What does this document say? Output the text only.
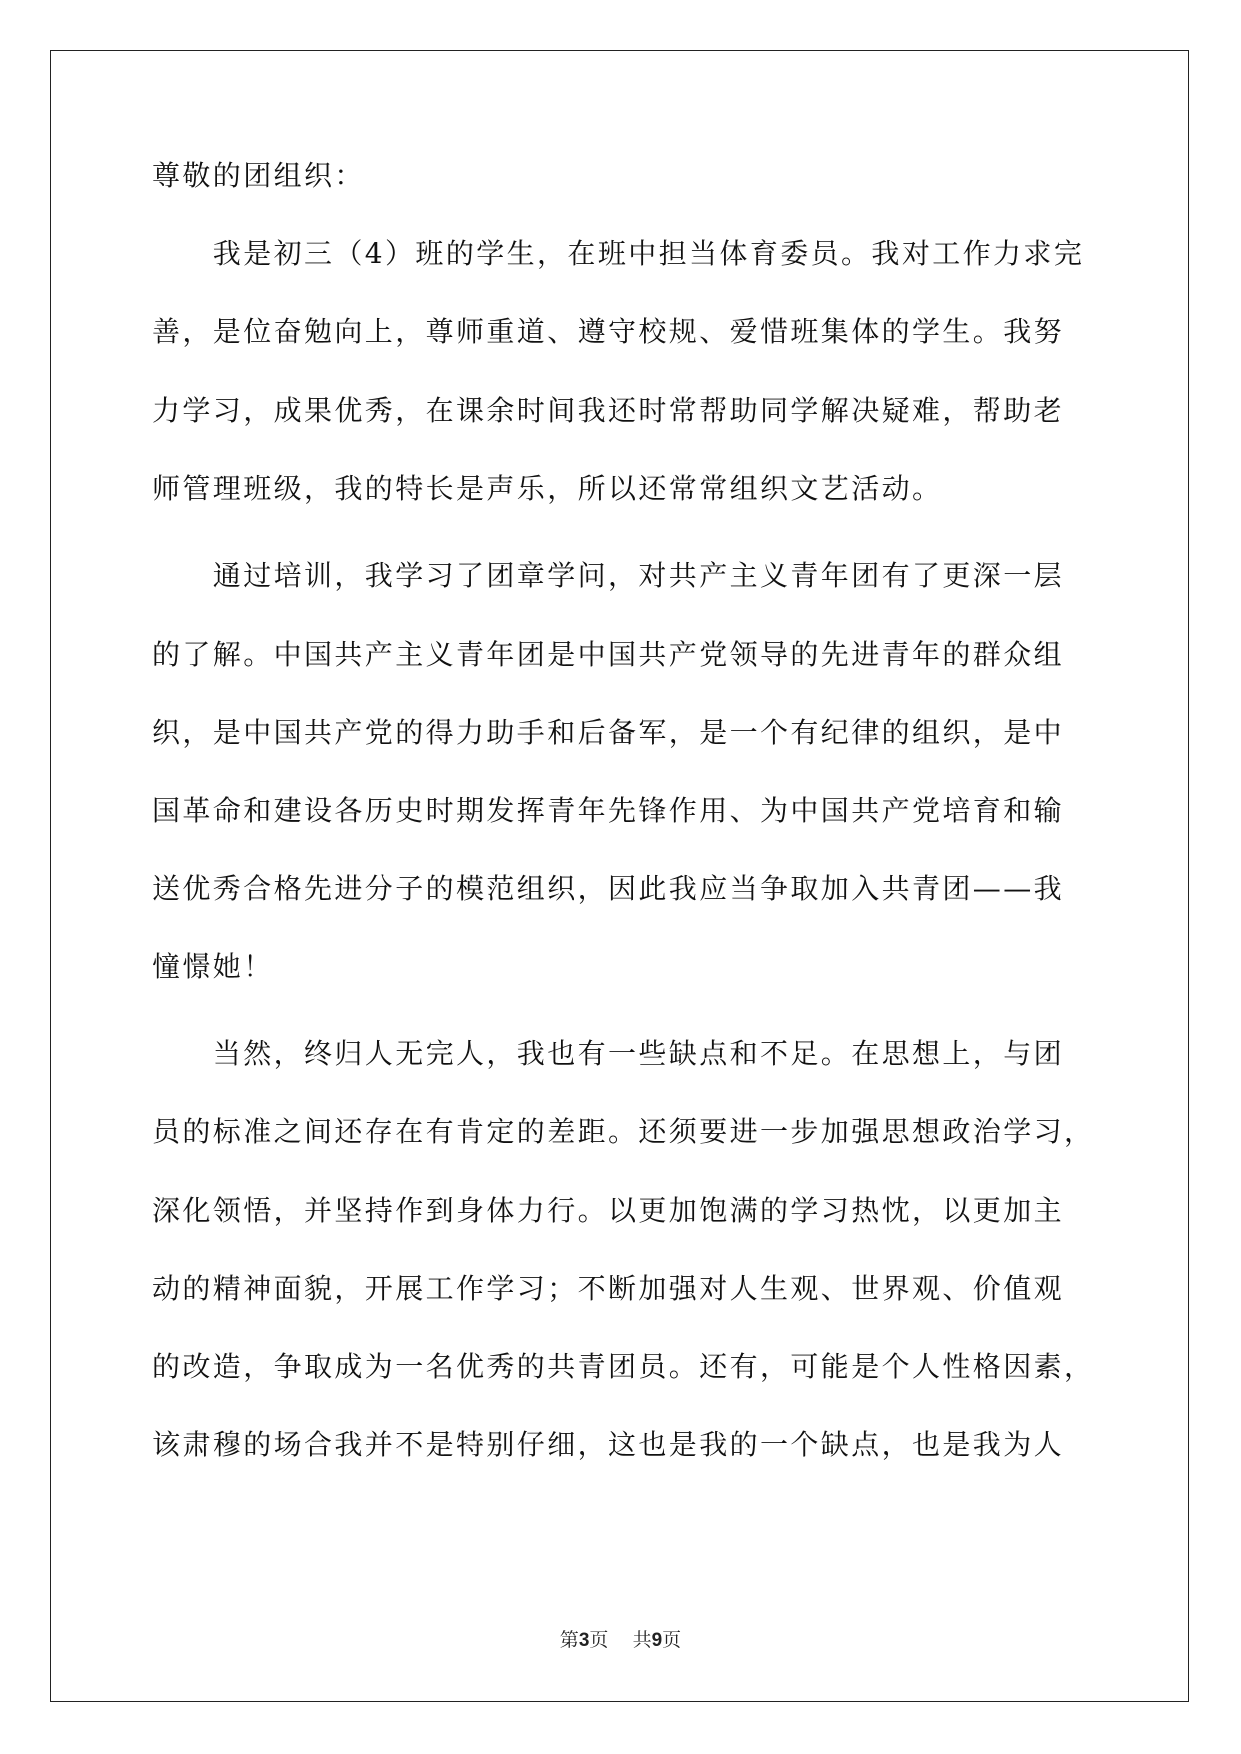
尊敬的团组织：
　　我是初三（4）班的学生，在班中担当体育委员。我对工作力求完
善，是位奋勉向上，尊师重道、遵守校规、爱惜班集体的学生。我努
力学习，成果优秀，在课余时间我还时常帮助同学解决疑难，帮助老
师管理班级，我的特长是声乐，所以还常常组织文艺活动。
　　通过培训，我学习了团章学问，对共产主义青年团有了更深一层
的了解。中国共产主义青年团是中国共产党领导的先进青年的群众组
织，是中国共产党的得力助手和后备军，是一个有纪律的组织，是中
国革命和建设各历史时期发挥青年先锋作用、为中国共产党培育和输
送优秀合格先进分子的模范组织，因此我应当争取加入共青团——我
憧憬她！
　　当然，终归人无完人，我也有一些缺点和不足。在思想上，与团
员的标准之间还存在有肯定的差距。还须要进一步加强思想政治学习，
深化领悟，并坚持作到身体力行。以更加饱满的学习热忱，以更加主
动的精神面貌，开展工作学习；不断加强对人生观、世界观、价值观
的改造，争取成为一名优秀的共青团员。还有，可能是个人性格因素，
该肃穆的场合我并不是特别仔细，这也是我的一个缺点，也是我为人
第3页 共9页
